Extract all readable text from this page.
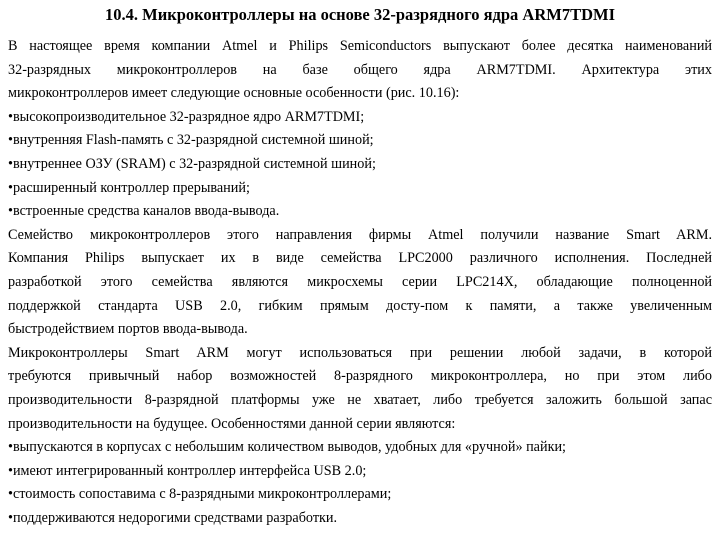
10.4. Микроконтроллеры на основе 32-разрядного ядра ARM7TDMI
В настоящее время компании Atmel и Philips Semiconductors выпускают более десятка наименований
32-разрядных микроконтроллеров на базе общего ядра ARM7TDMI. Архитектура этих
микроконтроллеров имеет следующие основные особенности (рис. 10.16):
•высокопроизводительное 32-разрядное ядро ARM7TDMI;
•внутренняя Flash-память с 32-разрядной системной шиной;
•внутреннее ОЗУ (SRAM) с 32-разрядной системной шиной;
•расширенный контроллер прерываний;
•встроенные средства каналов ввода-вывода.
Семейство микроконтроллеров этого направления фирмы Atmel получили название Smart ARM.
Компания Philips выпускает их в виде семейства LPC2000 различного исполнения. Последней
разработкой этого семейства являются микросхемы серии LPC214X, обладающие полноценной
поддержкой стандарта USB 2.0, гибким прямым досту-пом к памяти, а также увеличенным
быстродействием портов ввода-вывода.
Микроконтроллеры Smart ARM могут использоваться при решении любой задачи, в которой
требуются привычный набор возможностей 8-разрядного микроконтроллера, но при этом либо
производительности 8-разрядной платформы уже не хватает, либо требуется заложить большой запас
производительности на будущее. Особенностями данной серии являются:
•выпускаются в корпусах с небольшим количеством выводов, удобных для «ручной» пайки;
•имеют интегрированный контроллер интерфейса USB 2.0;
•стоимость сопоставима с 8-разрядными микроконтроллерами;
•поддерживаются недорогими средствами разработки.
